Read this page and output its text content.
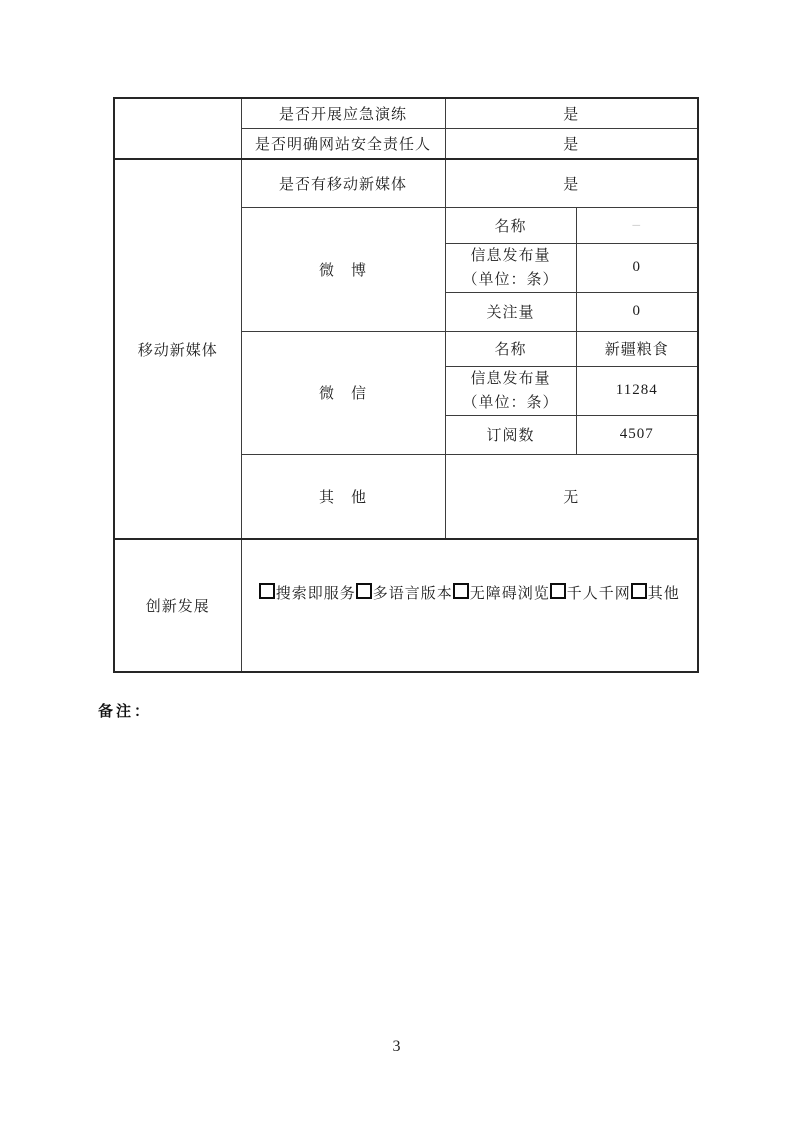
	是否开展应急演练	是	
	是否明确网站安全责任人	是	
移动新媒体	是否有移动新媒体	是	
	微　博	名称	–

		信息发布量
（单位：条）	0
		关注量	0
	微　信	名称	新疆粮食

		信息发布量
（单位：条）	11284
		订阅数	4507
	其　他	无	
创新发展	搜索即服务 多语言版本 无障碍浏览 千人千网 其他		
备注：
3
